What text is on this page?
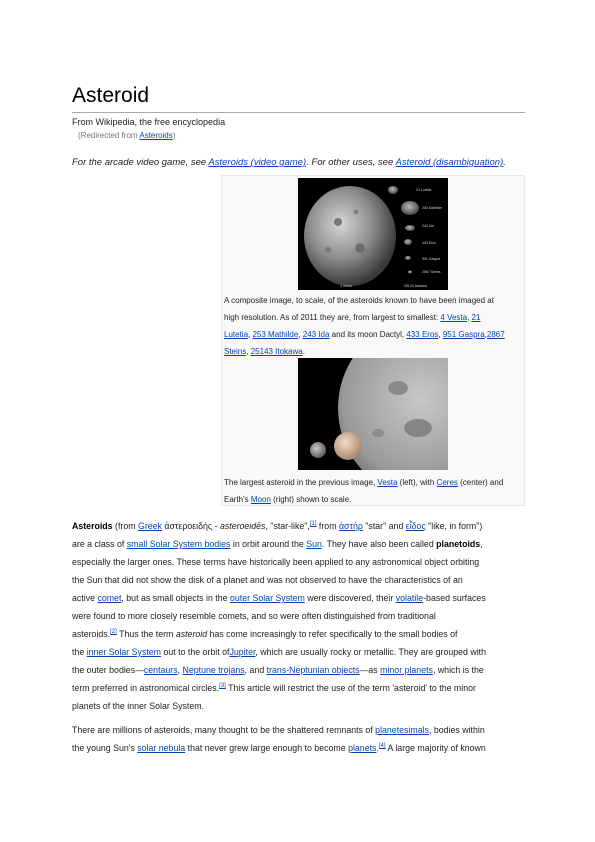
Asteroid
From Wikipedia, the free encyclopedia
(Redirected from Asteroids)
For the arcade video game, see Asteroids (video game). For other uses, see Asteroid (disambiguation).
21 Lutetia
253 Mathilde
243 Ida
433 Eros
951 Gaspra
2867 Steins
4 Vesta	25143 Itokawa
A composite image, to scale, of the asteroids known to have been imaged at
high resolution. As of 2011 they are, from largest to smallest: 4 Vesta, 21
Lutetia, 253 Mathilde, 243 Ida and its moon Dactyl, 433 Eros, 951 Gaspra,2867
Steins, 25143 Itokawa.
The largest asteroid in the previous image, Vesta (left), with Ceres (center) and
Earth's Moon (right) shown to scale.
Asteroids (from Greek ἀστεροειδής - asteroeidēs, "star-like",[1] from ἀστήρ "star" and εἶδος "like, in form")
are a class of small Solar System bodies in orbit around the Sun. They have also been called planetoids,
especially the larger ones. These terms have historically been applied to any astronomical object orbiting
the Sun that did not show the disk of a planet and was not observed to have the characteristics of an
active comet, but as small objects in the outer Solar System were discovered, their volatile-based surfaces
were found to more closely resemble comets, and so were often distinguished from traditional
asteroids.[2] Thus the term asteroid has come increasingly to refer specifically to the small bodies of
the inner Solar System out to the orbit ofJupiter, which are usually rocky or metallic. They are grouped with
the outer bodies—centaurs, Neptune trojans, and trans-Neptunian objects—as minor planets, which is the
term preferred in astronomical circles.[3] This article will restrict the use of the term 'asteroid' to the minor
planets of the inner Solar System.
There are millions of asteroids, many thought to be the shattered remnants of planetesimals, bodies within
the young Sun's solar nebula that never grew large enough to become planets.[4] A large majority of known
